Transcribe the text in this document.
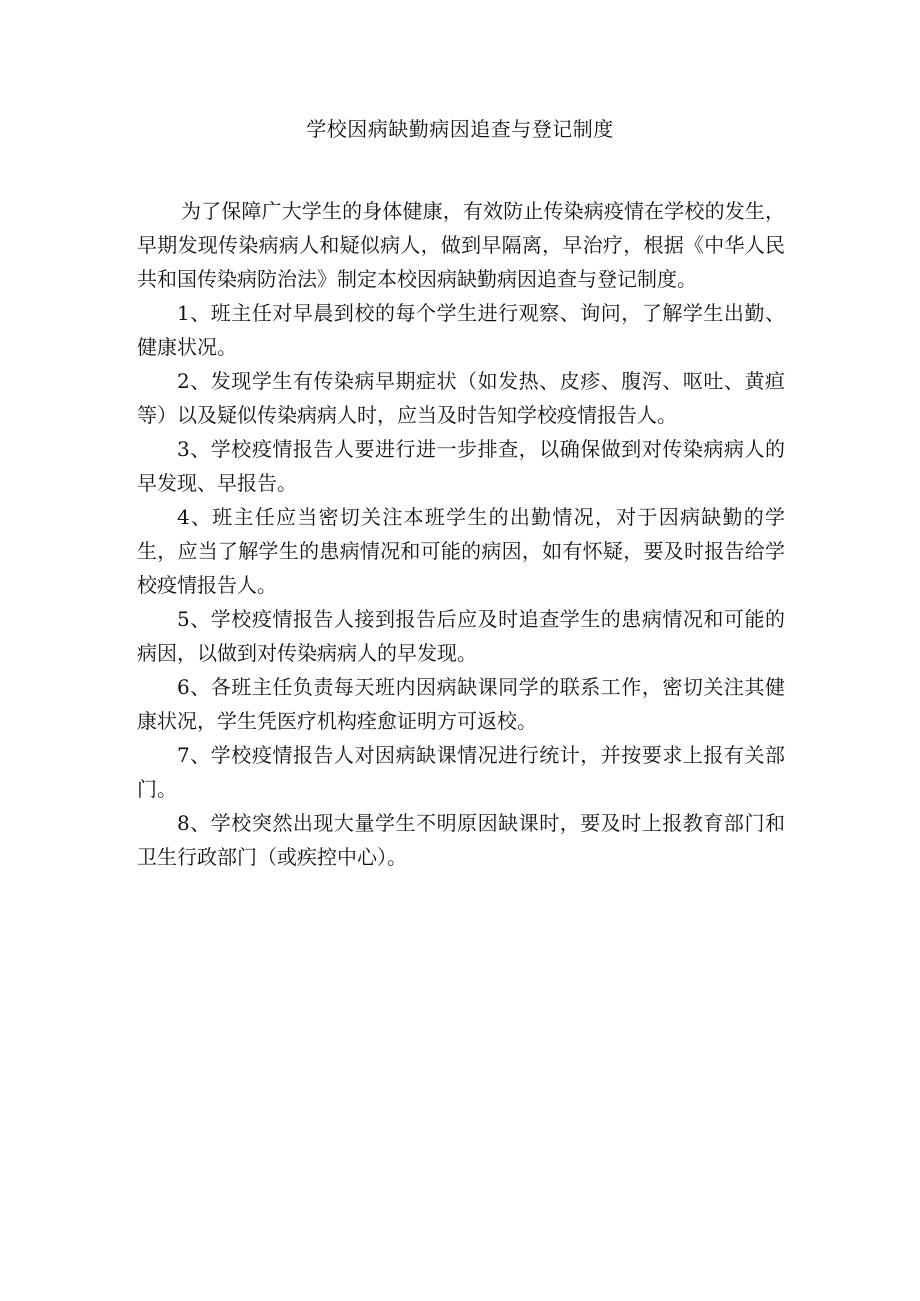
学校因病缺勤病因追查与登记制度

为了保障广大学生的身体健康，有效防止传染病疫情在学校的发生，早期发现传染病病人和疑似病人，做到早隔离，早治疗，根据《中华人民共和国传染病防治法》制定本校因病缺勤病因追查与登记制度。

1、班主任对早晨到校的每个学生进行观察、询问，了解学生出勤、健康状况。

2、发现学生有传染病早期症状（如发热、皮疹、腹泻、呕吐、黄疸等）以及疑似传染病病人时，应当及时告知学校疫情报告人。

3、学校疫情报告人要进行进一步排查，以确保做到对传染病病人的早发现、早报告。

4、班主任应当密切关注本班学生的出勤情况，对于因病缺勤的学生，应当了解学生的患病情况和可能的病因，如有怀疑，要及时报告给学校疫情报告人。

5、学校疫情报告人接到报告后应及时追查学生的患病情况和可能的病因，以做到对传染病病人的早发现。

6、各班主任负责每天班内因病缺课同学的联系工作，密切关注其健康状况，学生凭医疗机构痊愈证明方可返校。

7、学校疫情报告人对因病缺课情况进行统计，并按要求上报有关部门。

8、学校突然出现大量学生不明原因缺课时，要及时上报教育部门和卫生行政部门（或疾控中心）。
